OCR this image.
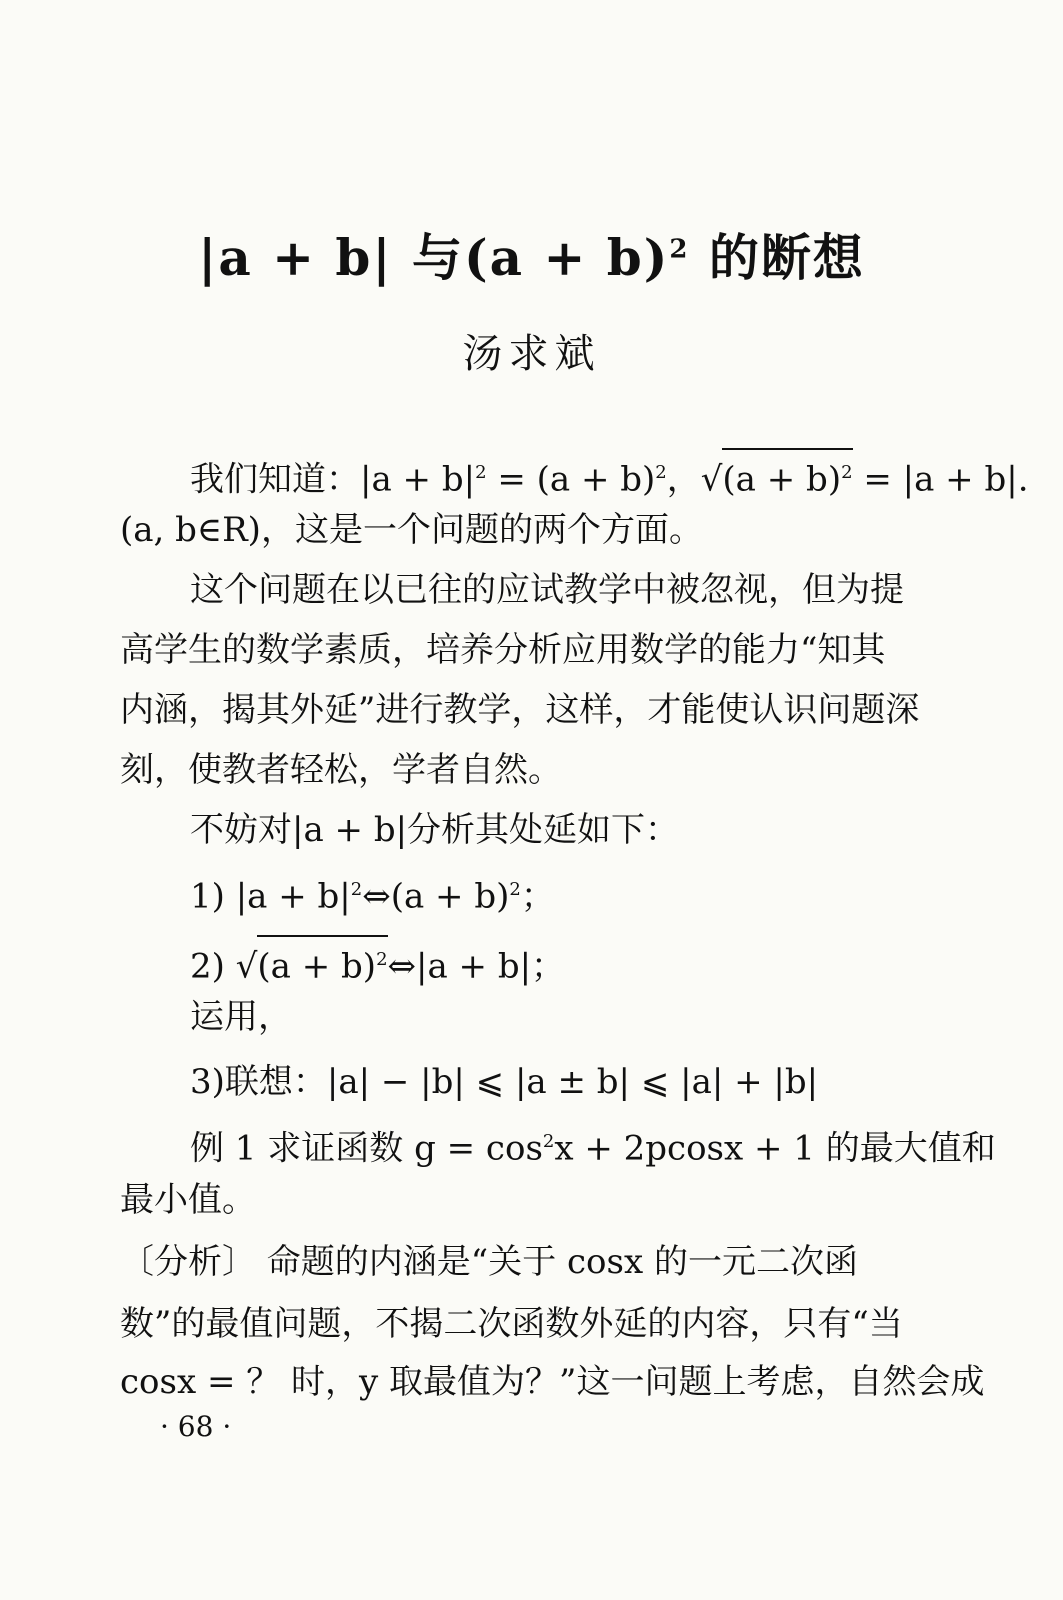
|a + b| 与$(a + b)^2$ 的断想
汤求斌
我们知道：$|a + b|^2 = (a + b)^2$，$√(a + b)^2 = |a + b|$.
(a, b∈R)，这是一个问题的两个方面。
这个问题在以已往的应试教学中被忽视，但为提
高学生的数学素质，培养分析应用数学的能力“知其
内涵，揭其外延”进行教学，这样，才能使认识问题深
刻，使教者轻松，学者自然。
不妨对|a + b|分析其处延如下：
1) $|a + b|^2\Leftrightarrow(a + b)^2$；
2) $√(a + b)^2\Leftrightarrow|a + b|$；
运用，
3)联想：|a| − |b| ⩽ |a ± b| ⩽ |a| + |b|
例 1 求证函数 $g = \cos^2x + 2pcosx + 1$ 的最大值和
最小值。
〔分析〕 命题的内涵是“关于 cosx 的一元二次函
数”的最值问题，不揭二次函数外延的内容，只有“当
cosx = ？ 时，y 取最值为？”这一问题上考虑，自然会成
· 68 ·
